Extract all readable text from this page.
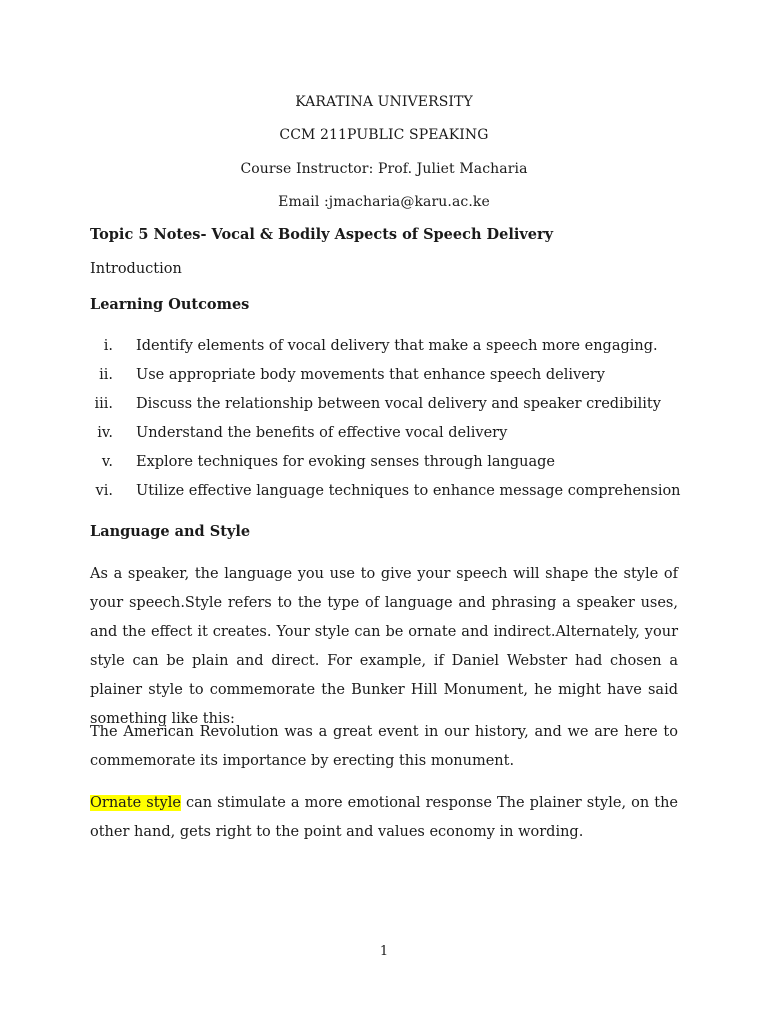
KARATINA UNIVERSITY
CCM 211PUBLIC SPEAKING
Course Instructor: Prof. Juliet Macharia
Email :jmacharia@karu.ac.ke
Topic 5 Notes- Vocal & Bodily Aspects of Speech Delivery
Introduction
Learning Outcomes
i. Identify elements of vocal delivery that make a speech more engaging.
ii. Use appropriate body movements that enhance speech delivery
iii. Discuss the relationship between vocal delivery and speaker credibility
iv. Understand the benefits of effective vocal delivery
v. Explore techniques for evoking senses through language
vi. Utilize effective language techniques to enhance message comprehension
Language and Style
As a speaker, the language you use to give your speech will shape the style of your speech.Style refers to the type of language and phrasing a speaker uses, and the effect it creates. Your style can be ornate and indirect.Alternately, your style can be plain and direct. For example, if Daniel Webster had chosen a plainer style to commemorate the Bunker Hill Monument, he might have said something like this:
The American Revolution was a great event in our history, and we are here to commemorate its importance by erecting this monument.
Ornate style can stimulate a more emotional response The plainer style, on the other hand, gets right to the point and values economy in wording.
1
